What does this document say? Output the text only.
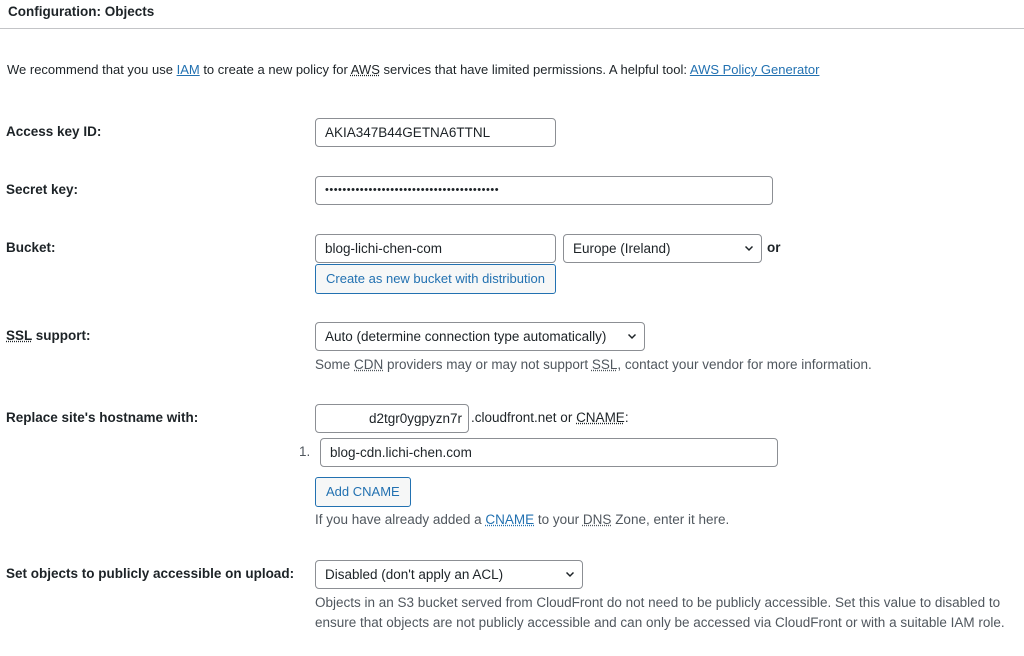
Configuration: Objects
We recommend that you use IAM to create a new policy for AWS services that have limited permissions. A helpful tool: AWS Policy Generator
Access key ID:	AKIA347B44GETNA6TTNL
Secret key:	••••••••••••••••••••••••••••••••••••••••
Bucket:	blog-lichi-chen-com	Europe (Ireland)	or
Create as new bucket with distribution
SSL support:	Auto (determine connection type automatically)
Some CDN providers may or may not support SSL, contact your vendor for more information.
Replace site's hostname with:	d2tgr0ygpyzn7r .cloudfront.net or CNAME:
1.	blog-cdn.lichi-chen.com
Add CNAME
If you have already added a CNAME to your DNS Zone, enter it here.
Set objects to publicly accessible on upload:	Disabled (don't apply an ACL)
Objects in an S3 bucket served from CloudFront do not need to be publicly accessible. Set this value to disabled to ensure that objects are not publicly accessible and can only be accessed via CloudFront or with a suitable IAM role.
